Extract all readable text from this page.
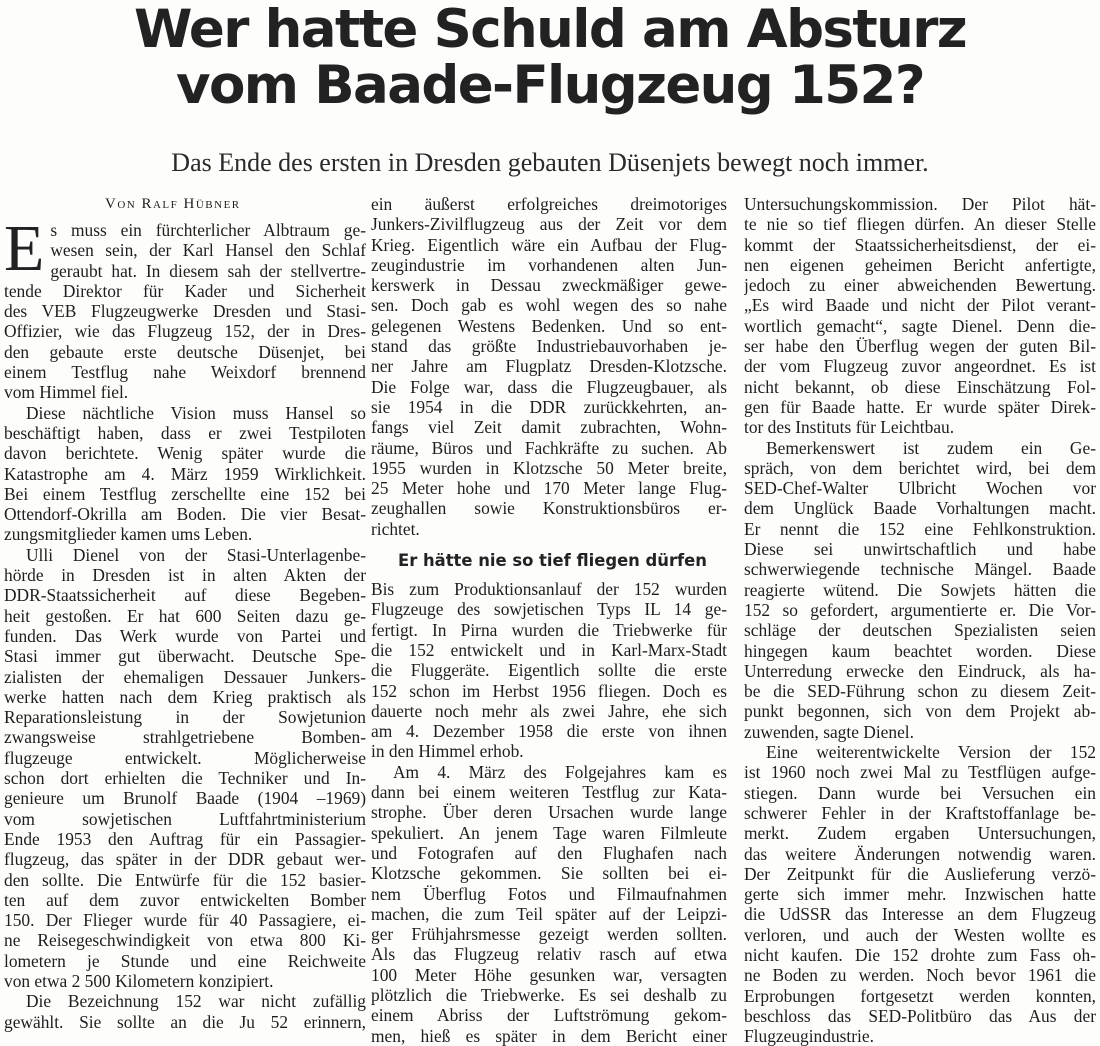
Wer hatte Schuld am Absturz
vom Baade-Flugzeug 152?
Das Ende des ersten in Dresden gebauten Düsenjets bewegt noch immer.
Von Ralf Hübner
E s muss ein fürchterlicher Albtraum ge-
wesen sein, der Karl Hansel den Schlaf
geraubt hat. In diesem sah der stellvertre-
tende Direktor für Kader und Sicherheit
des VEB Flugzeugwerke Dresden und Stasi-
Offizier, wie das Flugzeug 152, der in Dres-
den gebaute erste deutsche Düsenjet, bei
einem Testflug nahe Weixdorf brennend
vom Himmel fiel.
Diese nächtliche Vision muss Hansel so
beschäftigt haben, dass er zwei Testpiloten
davon berichtete. Wenig später wurde die
Katastrophe am 4. März 1959 Wirklichkeit.
Bei einem Testflug zerschellte eine 152 bei
Ottendorf-Okrilla am Boden. Die vier Besat-
zungsmitglieder kamen ums Leben.
Ulli Dienel von der Stasi-Unterlagenbe-
hörde in Dresden ist in alten Akten der
DDR-Staatssicherheit auf diese Begeben-
heit gestoßen. Er hat 600 Seiten dazu ge-
funden. Das Werk wurde von Partei und
Stasi immer gut überwacht. Deutsche Spe-
zialisten der ehemaligen Dessauer Junkers-
werke hatten nach dem Krieg praktisch als
Reparationsleistung in der Sowjetunion
zwangsweise strahlgetriebene Bomben-
flugzeuge entwickelt. Möglicherweise
schon dort erhielten die Techniker und In-
genieure um Brunolf Baade (1904 –1969)
vom sowjetischen Luftfahrtministerium
Ende 1953 den Auftrag für ein Passagier-
flugzeug, das später in der DDR gebaut wer-
den sollte. Die Entwürfe für die 152 basier-
ten auf dem zuvor entwickelten Bomber
150. Der Flieger wurde für 40 Passagiere, ei-
ne Reisegeschwindigkeit von etwa 800 Ki-
lometern je Stunde und eine Reichweite
von etwa 2 500 Kilometern konzipiert.
Die Bezeichnung 152 war nicht zufällig
gewählt. Sie sollte an die Ju 52 erinnern,
ein äußerst erfolgreiches dreimotoriges
Junkers-Zivilflugzeug aus der Zeit vor dem
Krieg. Eigentlich wäre ein Aufbau der Flug-
zeugindustrie im vorhandenen alten Jun-
kerswerk in Dessau zweckmäßiger gewe-
sen. Doch gab es wohl wegen des so nahe
gelegenen Westens Bedenken. Und so ent-
stand das größte Industriebauvorhaben je-
ner Jahre am Flugplatz Dresden-Klotzsche.
Die Folge war, dass die Flugzeugbauer, als
sie 1954 in die DDR zurückkehrten, an-
fangs viel Zeit damit zubrachten, Wohn-
räume, Büros und Fachkräfte zu suchen. Ab
1955 wurden in Klotzsche 50 Meter breite,
25 Meter hohe und 170 Meter lange Flug-
zeughallen sowie Konstruktionsbüros er-
richtet.
Er hätte nie so tief fliegen dürfen
Bis zum Produktionsanlauf der 152 wurden
Flugzeuge des sowjetischen Typs IL 14 ge-
fertigt. In Pirna wurden die Triebwerke für
die 152 entwickelt und in Karl-Marx-Stadt
die Fluggeräte. Eigentlich sollte die erste
152 schon im Herbst 1956 fliegen. Doch es
dauerte noch mehr als zwei Jahre, ehe sich
am 4. Dezember 1958 die erste von ihnen
in den Himmel erhob.
Am 4. März des Folgejahres kam es
dann bei einem weiteren Testflug zur Kata-
strophe. Über deren Ursachen wurde lange
spekuliert. An jenem Tage waren Filmleute
und Fotografen auf den Flughafen nach
Klotzsche gekommen. Sie sollten bei ei-
nem Überflug Fotos und Filmaufnahmen
machen, die zum Teil später auf der Leipzi-
ger Frühjahrsmesse gezeigt werden sollten.
Als das Flugzeug relativ rasch auf etwa
100 Meter Höhe gesunken war, versagten
plötzlich die Triebwerke. Es sei deshalb zu
einem Abriss der Luftströmung gekom-
men, hieß es später in dem Bericht einer
Untersuchungskommission. Der Pilot hät-
te nie so tief fliegen dürfen. An dieser Stelle
kommt der Staatssicherheitsdienst, der ei-
nen eigenen geheimen Bericht anfertigte,
jedoch zu einer abweichenden Bewertung.
„Es wird Baade und nicht der Pilot verant-
wortlich gemacht“, sagte Dienel. Denn die-
ser habe den Überflug wegen der guten Bil-
der vom Flugzeug zuvor angeordnet. Es ist
nicht bekannt, ob diese Einschätzung Fol-
gen für Baade hatte. Er wurde später Direk-
tor des Instituts für Leichtbau.
Bemerkenswert ist zudem ein Ge-
spräch, von dem berichtet wird, bei dem
SED-Chef-Walter Ulbricht Wochen vor
dem Unglück Baade Vorhaltungen macht.
Er nennt die 152 eine Fehlkonstruktion.
Diese sei unwirtschaftlich und habe
schwerwiegende technische Mängel. Baade
reagierte wütend. Die Sowjets hätten die
152 so gefordert, argumentierte er. Die Vor-
schläge der deutschen Spezialisten seien
hingegen kaum beachtet worden. Diese
Unterredung erwecke den Eindruck, als ha-
be die SED-Führung schon zu diesem Zeit-
punkt begonnen, sich von dem Projekt ab-
zuwenden, sagte Dienel.
Eine weiterentwickelte Version der 152
ist 1960 noch zwei Mal zu Testflügen aufge-
stiegen. Dann wurde bei Versuchen ein
schwerer Fehler in der Kraftstoffanlage be-
merkt. Zudem ergaben Untersuchungen,
das weitere Änderungen notwendig waren.
Der Zeitpunkt für die Auslieferung verzö-
gerte sich immer mehr. Inzwischen hatte
die UdSSR das Interesse an dem Flugzeug
verloren, und auch der Westen wollte es
nicht kaufen. Die 152 drohte zum Fass oh-
ne Boden zu werden. Noch bevor 1961 die
Erprobungen fortgesetzt werden konnten,
beschloss das SED-Politbüro das Aus der
Flugzeugindustrie.
